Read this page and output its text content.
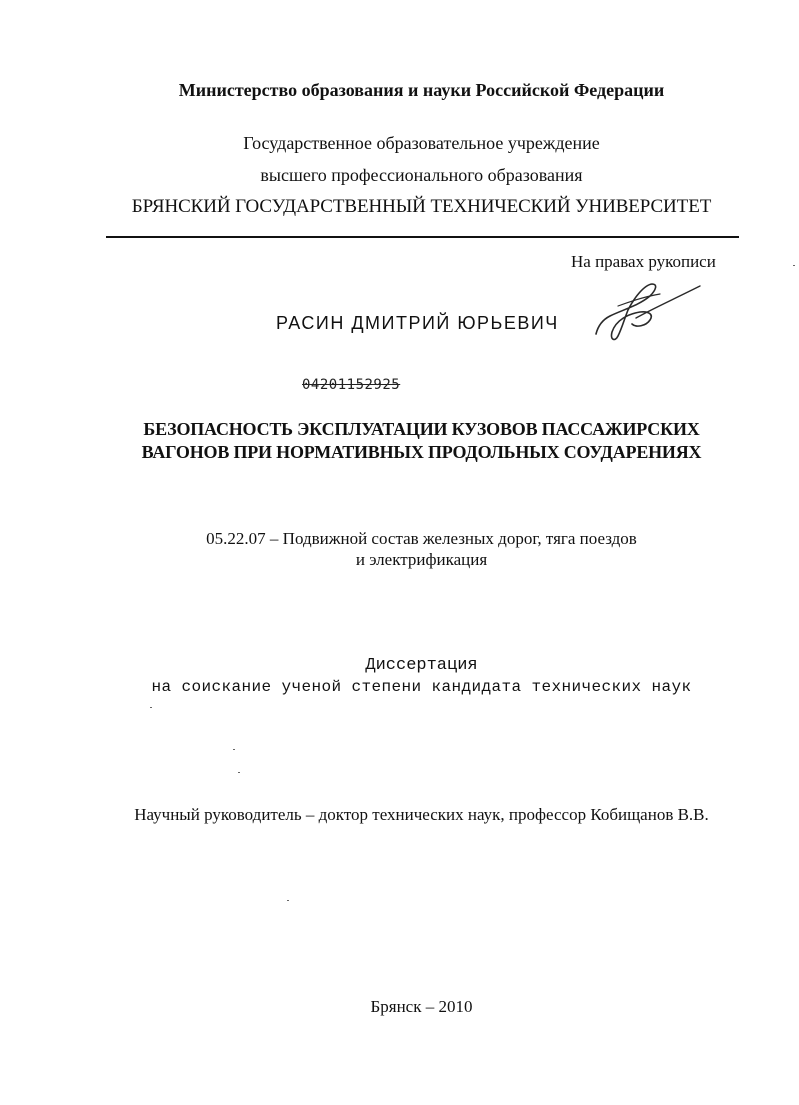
Министерство образования и науки Российской Федерации
Государственное образовательное учреждение
высшего профессионального образования
БРЯНСКИЙ ГОСУДАРСТВЕННЫЙ ТЕХНИЧЕСКИЙ УНИВЕРСИТЕТ
На правах рукописи
РАСИН ДМИТРИЙ ЮРЬЕВИЧ
04201152925
БЕЗОПАСНОСТЬ ЭКСПЛУАТАЦИИ КУЗОВОВ ПАССАЖИРСКИХ
ВАГОНОВ ПРИ НОРМАТИВНЫХ ПРОДОЛЬНЫХ СОУДАРЕНИЯХ
05.22.07 – Подвижной состав железных дорог, тяга поездов
и электрификация
Диссертация
на соискание ученой степени кандидата технических наук
Научный руководитель – доктор технических наук, профессор Кобищанов В.В.
Брянск – 2010
